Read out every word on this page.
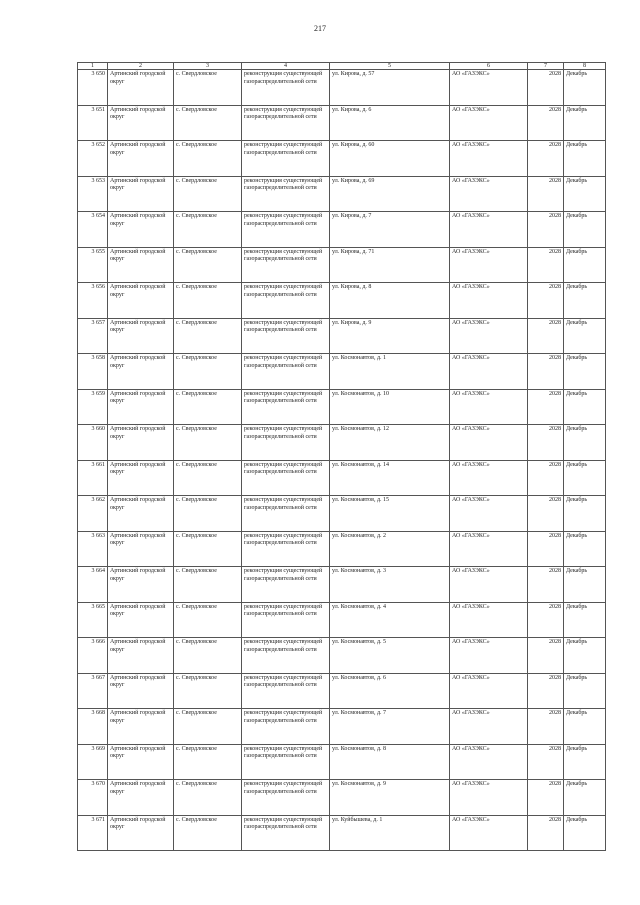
217
1	2	3	4	5	6	7	8
3 650	Артинский городской округ	с. Свердловское	реконструкция существующей газораспределительной сети	ул. Кирова, д. 57	АО «ГАЗЭКС»	2028	Декабрь
3 651	Артинский городской округ	с. Свердловское	реконструкция существующей газораспределительной сети	ул. Кирова, д. 6	АО «ГАЗЭКС»	2028	Декабрь
3 652	Артинский городской округ	с. Свердловское	реконструкция существующей газораспределительной сети	ул. Кирова, д. 60	АО «ГАЗЭКС»	2028	Декабрь
3 653	Артинский городской округ	с. Свердловское	реконструкция существующей газораспределительной сети	ул. Кирова, д. 69	АО «ГАЗЭКС»	2028	Декабрь
3 654	Артинский городской округ	с. Свердловское	реконструкция существующей газораспределительной сети	ул. Кирова, д. 7	АО «ГАЗЭКС»	2028	Декабрь
3 655	Артинский городской округ	с. Свердловское	реконструкция существующей газораспределительной сети	ул. Кирова, д. 71	АО «ГАЗЭКС»	2028	Декабрь
3 656	Артинский городской округ	с. Свердловское	реконструкция существующей газораспределительной сети	ул. Кирова, д. 8	АО «ГАЗЭКС»	2028	Декабрь
3 657	Артинский городской округ	с. Свердловское	реконструкция существующей газораспределительной сети	ул. Кирова, д. 9	АО «ГАЗЭКС»	2028	Декабрь
3 658	Артинский городской округ	с. Свердловское	реконструкция существующей газораспределительной сети	ул. Космонавтов, д. 1	АО «ГАЗЭКС»	2028	Декабрь
3 659	Артинский городской округ	с. Свердловское	реконструкция существующей газораспределительной сети	ул. Космонавтов, д. 10	АО «ГАЗЭКС»	2028	Декабрь
3 660	Артинский городской округ	с. Свердловское	реконструкция существующей газораспределительной сети	ул. Космонавтов, д. 12	АО «ГАЗЭКС»	2028	Декабрь
3 661	Артинский городской округ	с. Свердловское	реконструкция существующей газораспределительной сети	ул. Космонавтов, д. 14	АО «ГАЗЭКС»	2028	Декабрь
3 662	Артинский городской округ	с. Свердловское	реконструкция существующей газораспределительной сети	ул. Космонавтов, д. 15	АО «ГАЗЭКС»	2028	Декабрь
3 663	Артинский городской округ	с. Свердловское	реконструкция существующей газораспределительной сети	ул. Космонавтов, д. 2	АО «ГАЗЭКС»	2028	Декабрь
3 664	Артинский городской округ	с. Свердловское	реконструкция существующей газораспределительной сети	ул. Космонавтов, д. 3	АО «ГАЗЭКС»	2028	Декабрь
3 665	Артинский городской округ	с. Свердловское	реконструкция существующей газораспределительной сети	ул. Космонавтов, д. 4	АО «ГАЗЭКС»	2028	Декабрь
3 666	Артинский городской округ	с. Свердловское	реконструкция существующей газораспределительной сети	ул. Космонавтов, д. 5	АО «ГАЗЭКС»	2028	Декабрь
3 667	Артинский городской округ	с. Свердловское	реконструкция существующей газораспределительной сети	ул. Космонавтов, д. 6	АО «ГАЗЭКС»	2028	Декабрь
3 668	Артинский городской округ	с. Свердловское	реконструкция существующей газораспределительной сети	ул. Космонавтов, д. 7	АО «ГАЗЭКС»	2028	Декабрь
3 669	Артинский городской округ	с. Свердловское	реконструкция существующей газораспределительной сети	ул. Космонавтов, д. 8	АО «ГАЗЭКС»	2028	Декабрь
3 670	Артинский городской округ	с. Свердловское	реконструкция существующей газораспределительной сети	ул. Космонавтов, д. 9	АО «ГАЗЭКС»	2028	Декабрь
3 671	Артинский городской округ	с. Свердловское	реконструкция существующей газораспределительной сети	ул. Куйбышева, д. 1	АО «ГАЗЭКС»	2028	Декабрь
